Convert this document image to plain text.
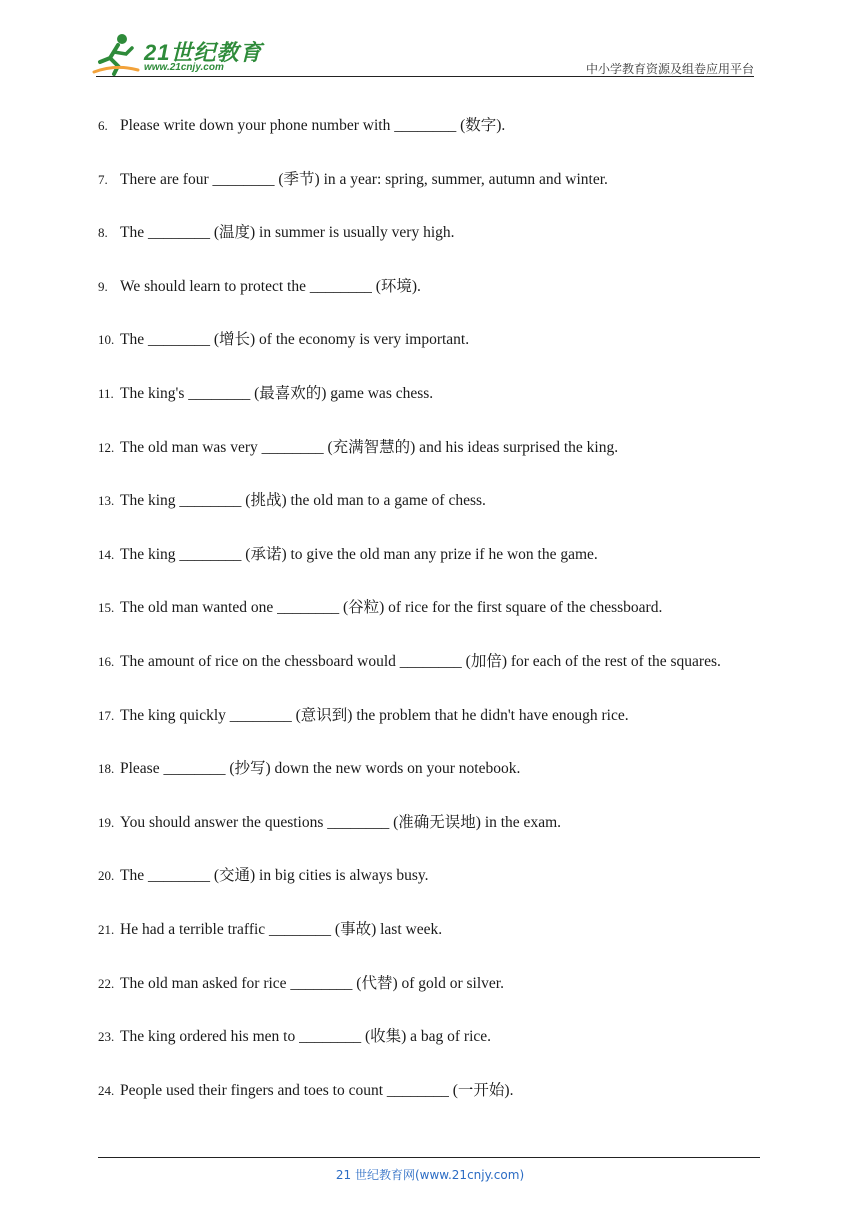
21世纪教育
www.21cnjy.com	中小学教育资源及组卷应用平台
6. Please write down your phone number with ________ (数字).
7. There are four ________ (季节) in a year: spring, summer, autumn and winter.
8. The ________ (温度) in summer is usually very high.
9. We should learn to protect the ________ (环境).
10. The ________ (增长) of the economy is very important.
11. The king's ________ (最喜欢的) game was chess.
12. The old man was very ________ (充满智慧的) and his ideas surprised the king.
13. The king ________ (挑战) the old man to a game of chess.
14. The king ________ (承诺) to give the old man any prize if he won the game.
15. The old man wanted one ________ (谷粒) of rice for the first square of the chessboard.
16. The amount of rice on the chessboard would ________ (加倍) for each of the rest of the squares.
17. The king quickly ________ (意识到) the problem that he didn't have enough rice.
18. Please ________ (抄写) down the new words on your notebook.
19. You should answer the questions ________ (准确无误地) in the exam.
20. The ________ (交通) in big cities is always busy.
21. He had a terrible traffic ________ (事故) last week.
22. The old man asked for rice ________ (代替) of gold or silver.
23. The king ordered his men to ________ (收集) a bag of rice.
24. People used their fingers and toes to count ________ (一开始).
21 世纪教育网(www.21cnjy.com)
